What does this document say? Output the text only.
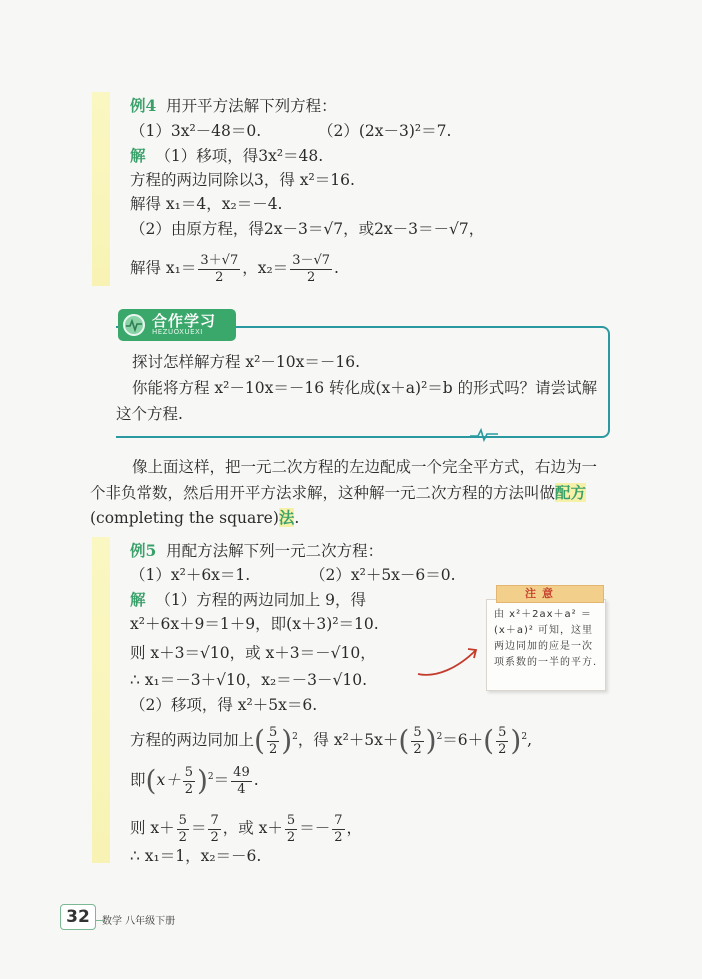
例4 用开平方法解下列方程：
（1）3x²－48＝0.	（2）(2x－3)²＝7.
解 （1）移项，得3x²＝48.
方程的两边同除以3，得 x²＝16.
解得 x₁＝4，x₂＝－4.
（2）由原方程，得2x－3＝√7，或2x－3＝－√7，
解得 $x_1= \frac{3+√7}{2}$ ，$x_2= \frac{3-√7}{2}$ .
合作学习
HEZUOXUEXI
探讨怎样解方程 x²－10x＝－16.
你能将方程 x²－10x＝－16 转化成(x＋a)²＝b 的形式吗？请尝试解
这个方程.
像上面这样，把一元二次方程的左边配成一个完全平方式，右边为一
个非负常数，然后用开平方法求解，这种解一元二次方程的方法叫做配方
(completing the square)法.
例5 用配方法解下列一元二次方程：
（1）x²＋6x＝1.	（2）x²＋5x－6＝0.
解 （1）方程的两边同加上 9，得
x²＋6x＋9＝1＋9，即(x＋3)²＝10.
则 x＋3＝√10，或 x＋3＝－√10，
∴ x₁＝－3＋√10，x₂＝－3－√10.
（2）移项，得 x²＋5x＝6.
方程的两边同加上( $\frac{5}{2} )^2$，得 $x^2+5x+( \frac{5}{2} )^2=6+( \frac{5}{2} )^2$,
即$(x+ \frac{5}{2} )^2= \frac{49}{4}$ .
则 $x+ \frac{5}{2} = \frac{7}{2}$ ，或 $x+ \frac{5}{2} =- \frac{7}{2}$ ，
∴ x₁＝1，x₂＝－6.
注意
由 x²＋2ax＋a² ＝(x＋a)² 可知，这里两边同加的应是一次项系数的一半的平方.
32	数学 八年级下册
